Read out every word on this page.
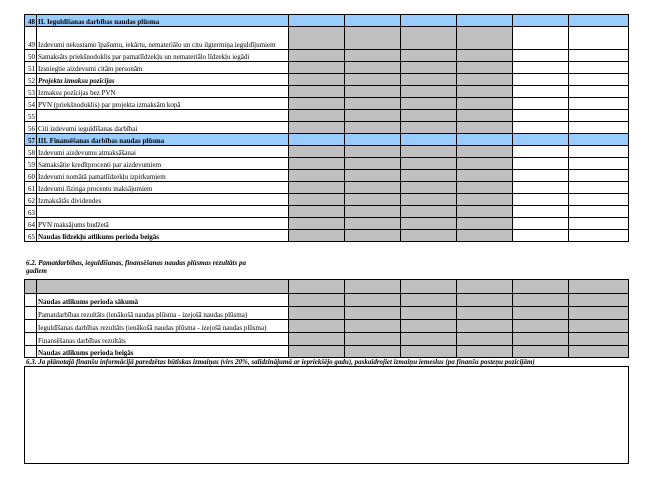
48	II. Ieguldīšanas darbības naudas plūsma						
49	Izdevumi nekustamo īpašumu, iekārtu, nemateriālo un citu ilgtermiņa ieguldījumiem						
50	Samaksāts priekšnodoklis par pamatlīdzekļu un nemateriālo līdzekļu iegādi						
51	Izsniegtie aizdevumi citām personām						
52	Projekta izmaksu pozīcijas						
53	Izmaksu pozīcijas bez PVN						
54	PVN (priekšnodoklis) par projekta izmaksām kopā						
55							
56	Citi izdevumi ieguldīšanas darbībai						
57	III. Finansēšanas darbības naudas plūsma						
58	Izdevumi aizdevumu atmaksāšanai						
59	Samaksātie kredītprocenti par aizdevumiem						
60	Izdevumi nomātā pamatlīdzekļu izpirkumiem						
61	Izdevumi līzinga procentu maksājumiem						
62	Izmaksātās dividendes						
63							
64	PVN maksājums budžetā						
65	Naudas līdzekļu atlikums perioda beigās						
6.2. Pamatdarbības, ieguldīšanas, finansēšanas naudas plūsmas rezultāts pa
gadiem

	Naudas atlikums perioda sākumā						
	Pamatdarbības rezultāts (ienākošā naudas plūsma - izejošā naudas plūsma)						
	Ieguldīšanas darbības rezultāts (ienākošā naudas plūsma - izejošā naudas plūsma)						
	Finansēšanas darbības rezultāts						
	Naudas atlikums perioda beigās						
6.3. Ja plānotajā finanšu informācijā paredzētas būtiskas izmaiņas (virs 20%, salīdzinājumā ar iepriekšējo gadu), paskaidrojiet izmaiņu iemeslus (pa finanšu posteņu pozīcijām)
